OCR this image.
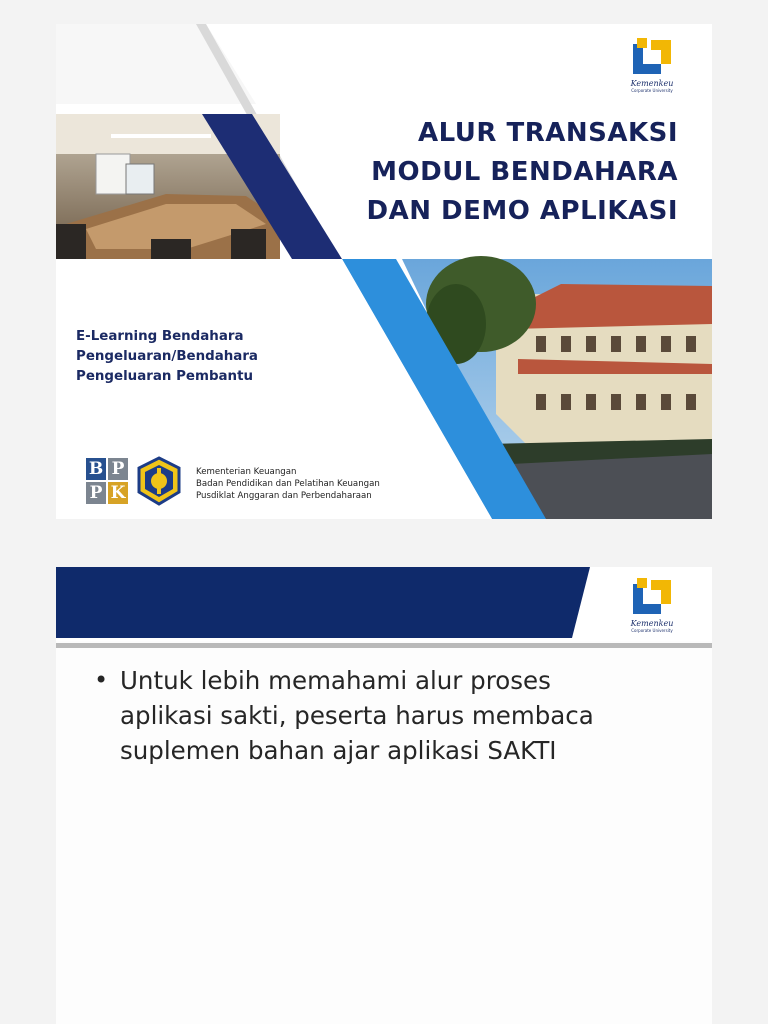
Kemenkeu
Corporate University
ALUR TRANSAKSI
MODUL BENDAHARA
DAN DEMO APLIKASI
E-Learning Bendahara
Pengeluaran/Bendahara
Pengeluaran Pembantu
B P
P K
Kementerian Keuangan
Badan Pendidikan dan Pelatihan Keuangan
Pusdiklat Anggaran dan Perbendaharaan
Kemenkeu
Corporate University
• Untuk lebih memahami alur proses
aplikasi sakti, peserta harus membaca
suplemen bahan ajar aplikasi SAKTI
